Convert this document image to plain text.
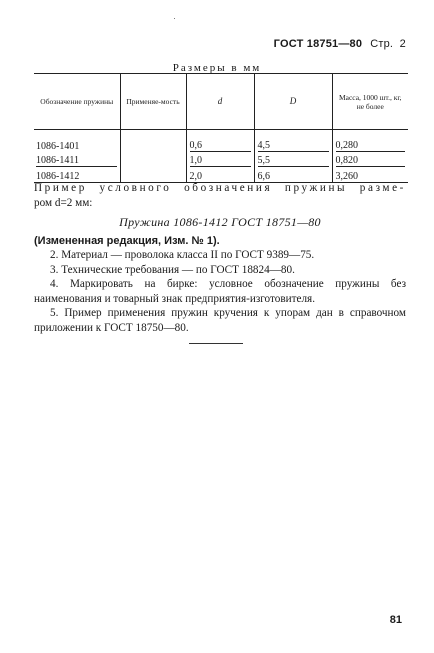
ГОСТ 18751—80 Стр. 2
Размеры в мм
Обозначение пружины	Применяе-мость	d	D	Масса, 1000 шт., кг, не более
1086-1401		0,6	4,5	0,280

1086-1411		1,0	5,5	0,820

1086-1412		2,0	6,6	3,260
Пример условного обозначения пружины разме-
ром d=2 мм:
Пружина 1086-1412 ГОСТ 18751—80
(Измененная редакция, Изм. № 1).
2. Материал — проволока класса II по ГОСТ 9389—75.
3. Технические требования — по ГОСТ 18824—80.
4. Маркировать на бирке: условное обозначение пружины без наименования и товарный знак предприятия-изготовителя.
5. Пример применения пружин кручения к упорам дан в справочном приложении к ГОСТ 18750—80.
81
